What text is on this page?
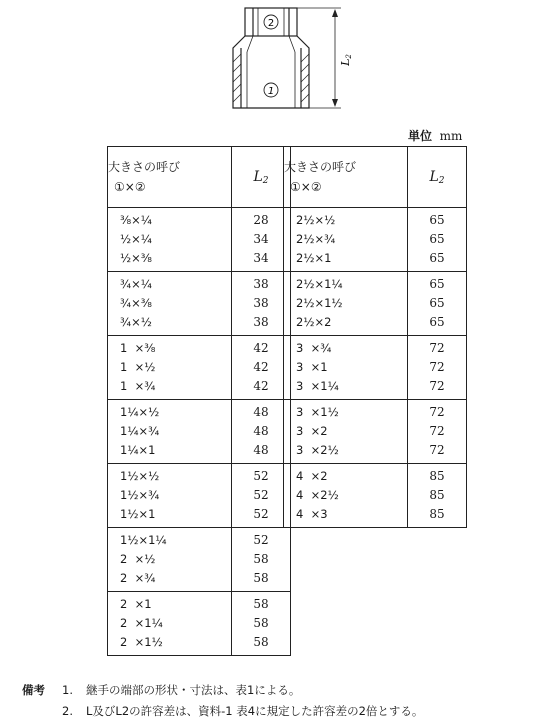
2
1
L2
単位 mm
大きさの呼び
①×②	$L_2$
⅜×¼	28
½×¼	34
½×⅜	34
¾×¼	38
¾×⅜	38
¾×½	38
1  ×⅜	42
1  ×½	42
1  ×¾	42
1¼×½	48
1¼×¾	48
1¼×1	48
1½×½	52
1½×¾	52
1½×1	52
1½×1¼	52
2  ×½	58
2  ×¾	58
2  ×1	58
2  ×1¼	58
2  ×1½	58
大きさの呼び
①×②	$L_2$
2½×½	65
2½×¾	65
2½×1	65
2½×1¼	65
2½×1½	65
2½×2	65
3  ×¾	72
3  ×1	72
3  ×1¼	72
3  ×1½	72
3  ×2	72
3  ×2½	72
4  ×2	85
4  ×2½	85
4  ×3	85
備考 1. 継手の端部の形状・寸法は、表1による。
2. L及びL2の許容差は、資料-1 表4に規定した許容差の2倍とする。
